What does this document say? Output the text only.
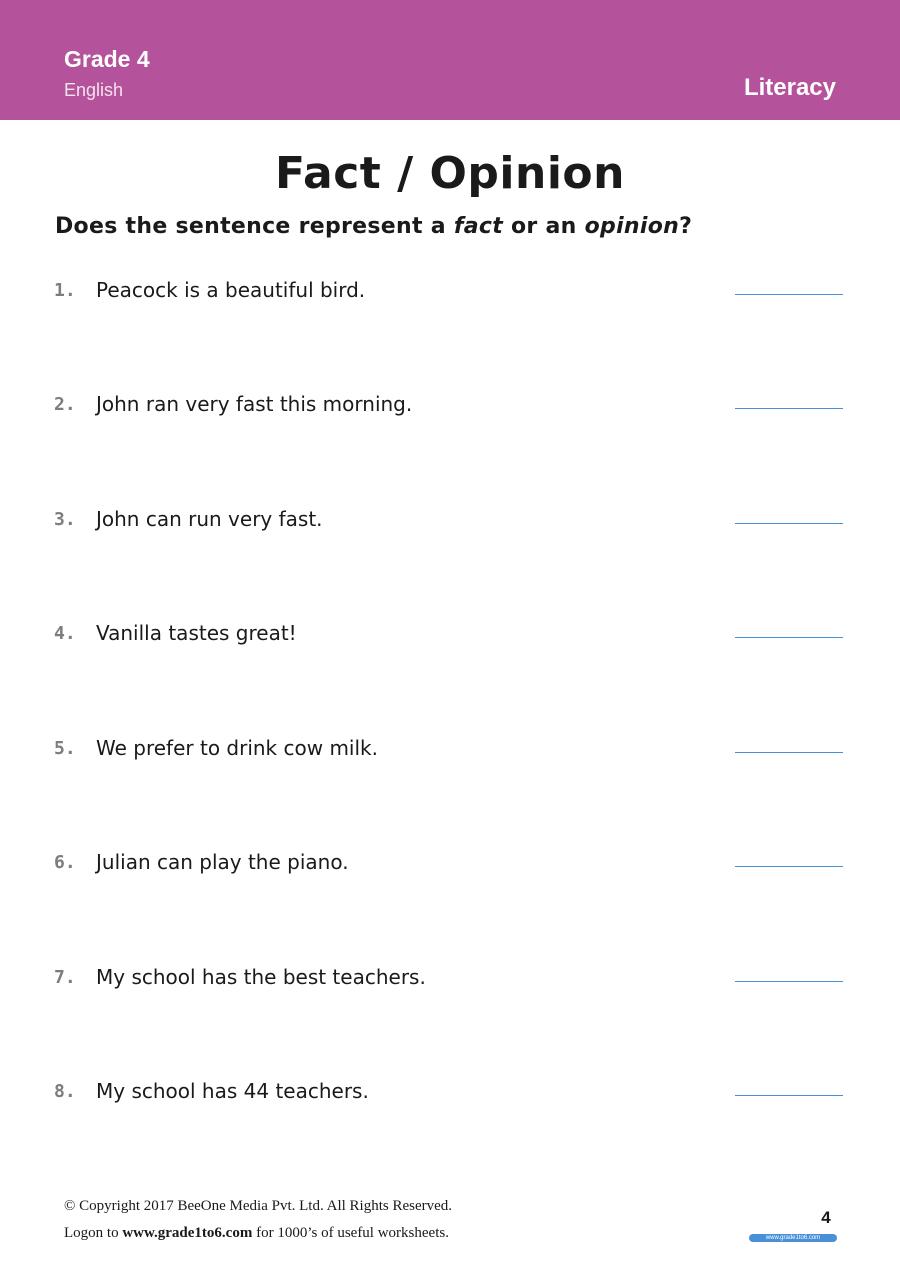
Grade 4
English	Literacy
Fact / Opinion
Does the sentence represent a fact or an opinion?
1. Peacock is a beautiful bird.
2. John ran very fast this morning.
3. John can run very fast.
4. Vanilla tastes great!
5. We prefer to drink cow milk.
6. Julian can play the piano.
7. My school has the best teachers.
8. My school has 44 teachers.
© Copyright 2017 BeeOne Media Pvt. Ltd. All Rights Reserved.
Logon to www.grade1to6.com for 1000’s of useful worksheets.
4
www.grade1to6.com
